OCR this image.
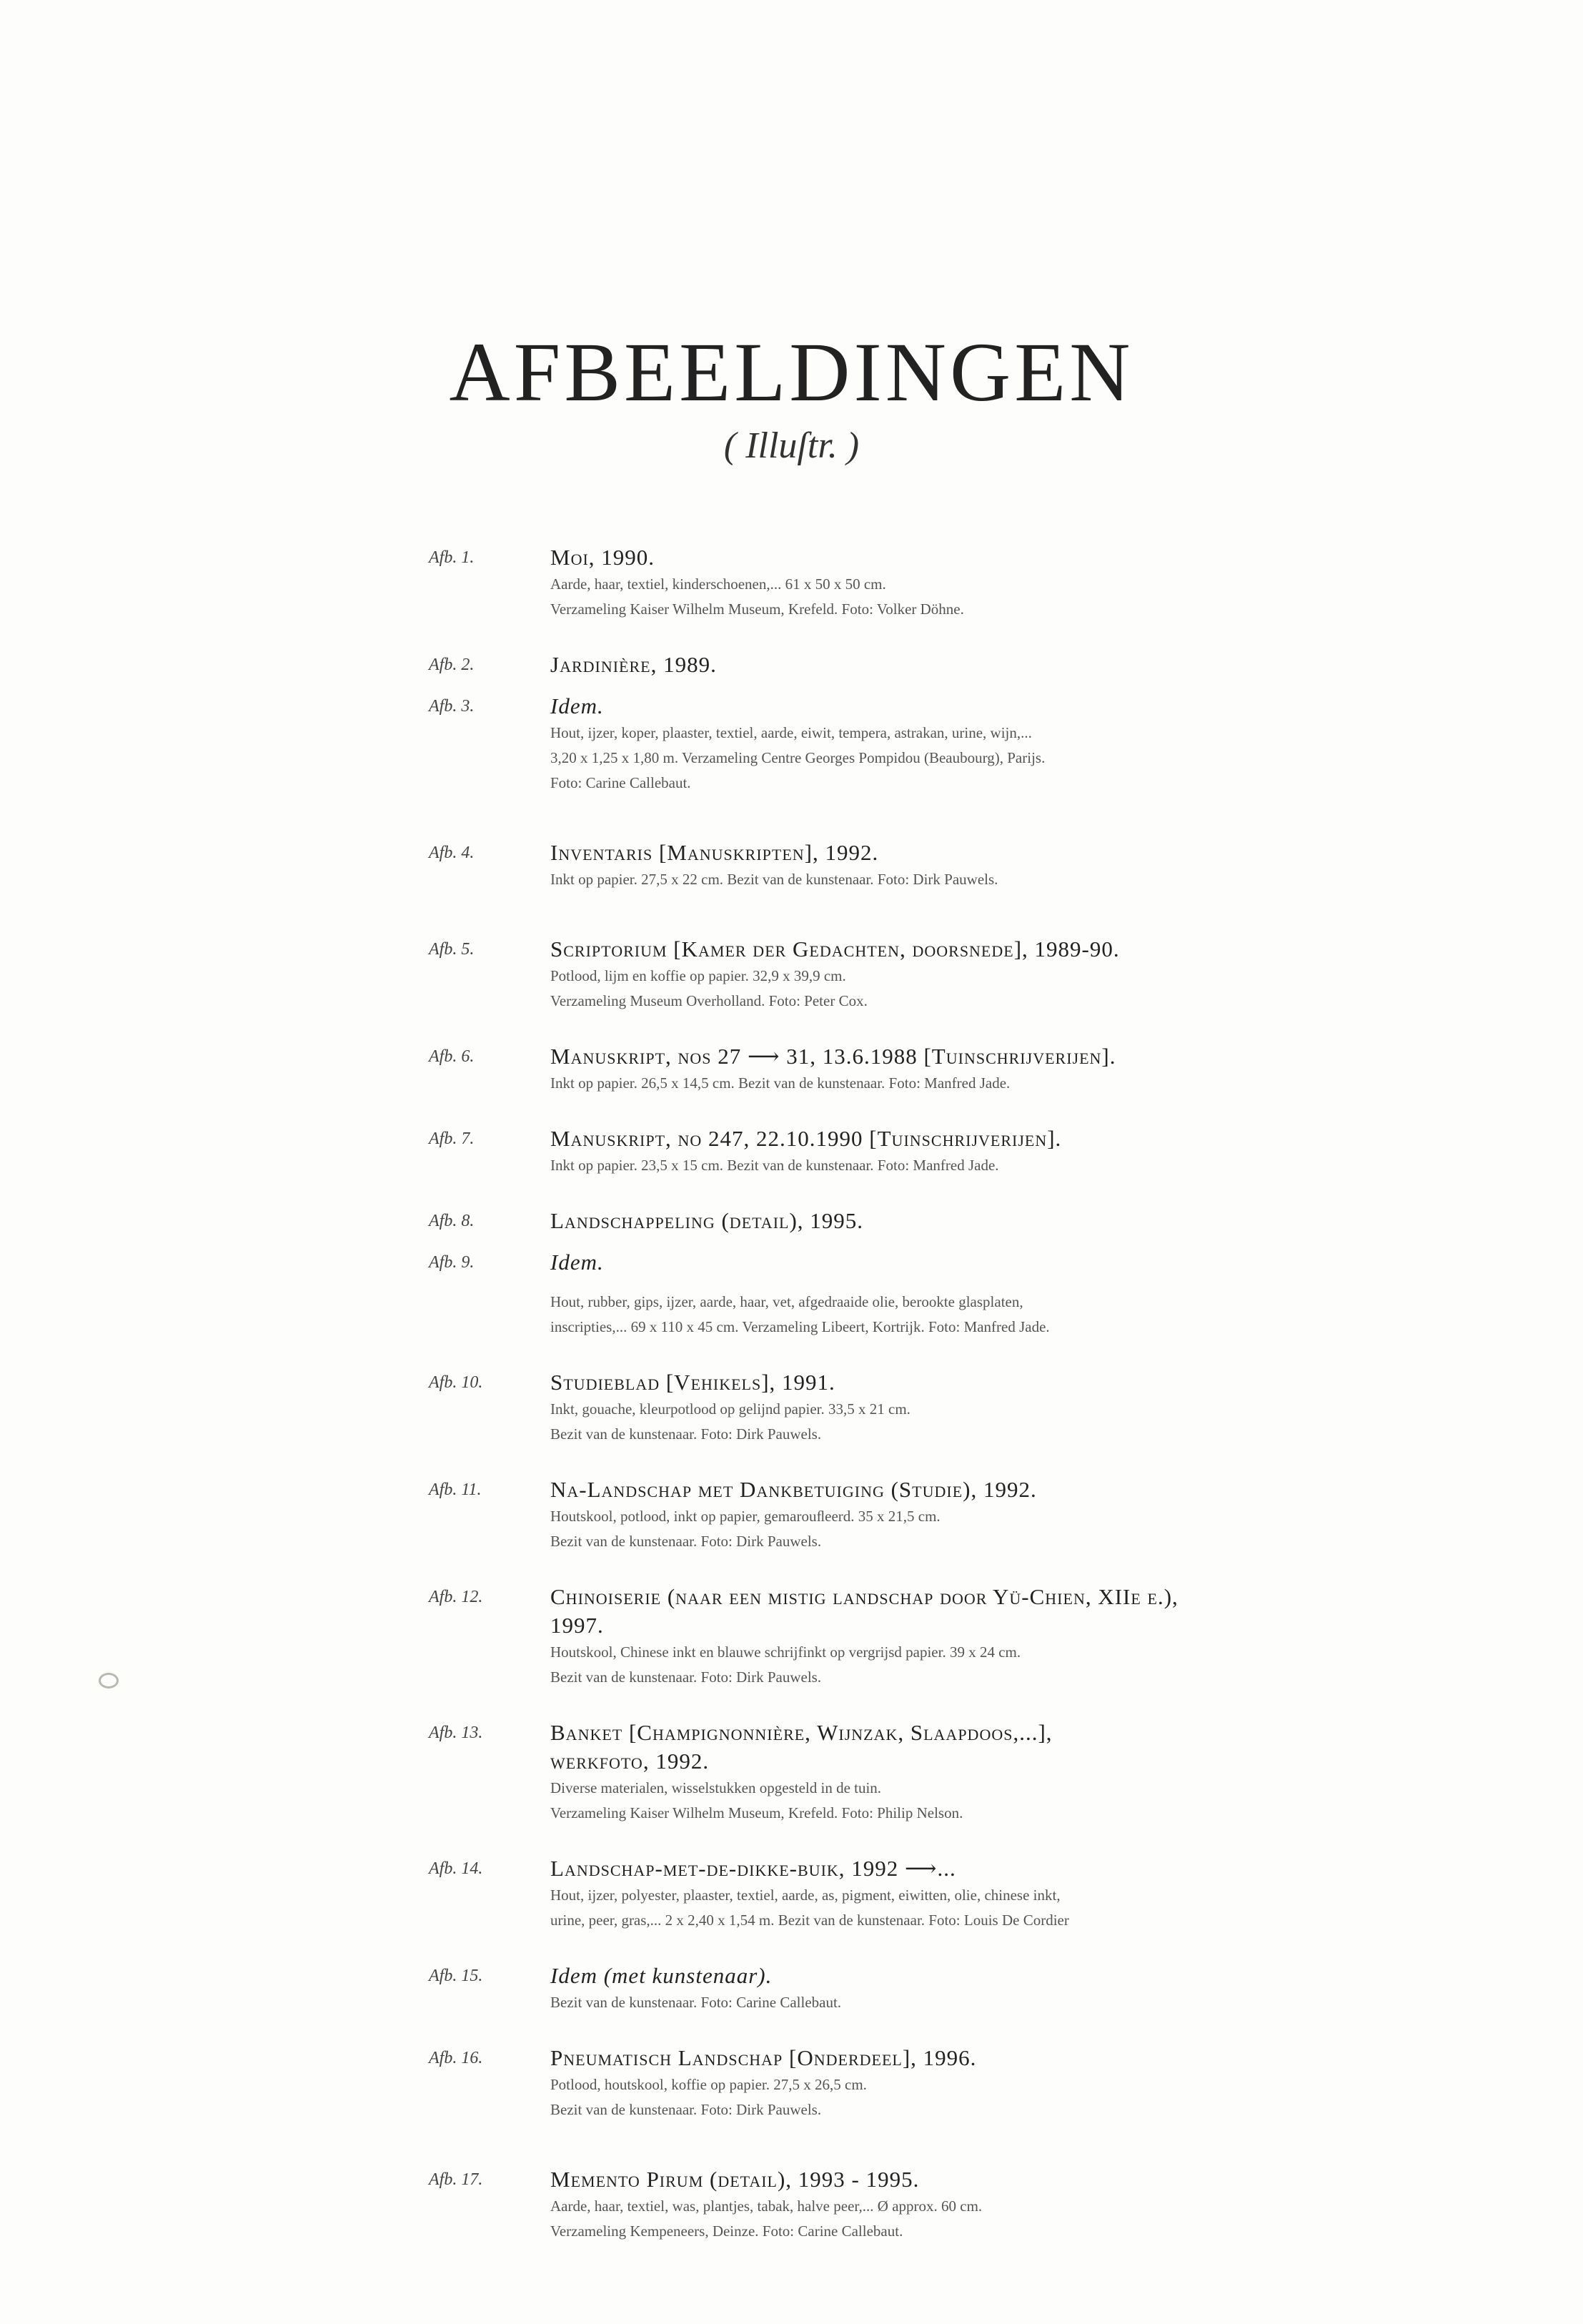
AFBEELDINGEN
( Illuſtr. )
Afb. 1.	Moi, 1990.
Aarde, haar, textiel, kinderschoenen,... 61 x 50 x 50 cm.
Verzameling Kaiser Wilhelm Museum, Krefeld. Foto: Volker Döhne.
Afb. 2.	Jardinière, 1989.
Afb. 3.	Idem.
Hout, ijzer, koper, plaaster, textiel, aarde, eiwit, tempera, astrakan, urine, wijn,...
3,20 x 1,25 x 1,80 m. Verzameling Centre Georges Pompidou (Beaubourg), Parijs.
Foto: Carine Callebaut.
Afb. 4.	Inventaris [Manuskripten], 1992.
Inkt op papier. 27,5 x 22 cm. Bezit van de kunstenaar. Foto: Dirk Pauwels.
Afb. 5.	Scriptorium [Kamer der Gedachten, doorsnede], 1989-90.
Potlood, lijm en koffie op papier. 32,9 x 39,9 cm.
Verzameling Museum Overholland. Foto: Peter Cox.
Afb. 6.	Manuskript, nos 27 ⟶ 31, 13.6.1988 [Tuinschrijverijen].
Inkt op papier. 26,5 x 14,5 cm. Bezit van de kunstenaar. Foto: Manfred Jade.
Afb. 7.	Manuskript, no 247, 22.10.1990 [Tuinschrijverijen].
Inkt op papier. 23,5 x 15 cm. Bezit van de kunstenaar. Foto: Manfred Jade.
Afb. 8.	Landschappeling (detail), 1995.
Afb. 9.	Idem.
Hout, rubber, gips, ijzer, aarde, haar, vet, afgedraaide olie, berookte glasplaten,
inscripties,... 69 x 110 x 45 cm. Verzameling Libeert, Kortrijk. Foto: Manfred Jade.
Afb. 10.	Studieblad [Vehikels], 1991.
Inkt, gouache, kleurpotlood op gelijnd papier. 33,5 x 21 cm.
Bezit van de kunstenaar. Foto: Dirk Pauwels.
Afb. 11.	Na-Landschap met Dankbetuiging (Studie), 1992.
Houtskool, potlood, inkt op papier, gemarouﬂeerd. 35 x 21,5 cm.
Bezit van de kunstenaar. Foto: Dirk Pauwels.
Afb. 12.	Chinoiserie (naar een mistig landschap door Yü-Chien, XIIe e.), 1997.
Houtskool, Chinese inkt en blauwe schrijfinkt op vergrijsd papier. 39 x 24 cm.
Bezit van de kunstenaar. Foto: Dirk Pauwels.
Afb. 13.	Banket [Champignonnière, Wijnzak, Slaapdoos,...],
werkfoto, 1992.
Diverse materialen, wisselstukken opgesteld in de tuin.
Verzameling Kaiser Wilhelm Museum, Krefeld. Foto: Philip Nelson.
Afb. 14.	Landschap-met-de-dikke-buik, 1992 ⟶...
Hout, ijzer, polyester, plaaster, textiel, aarde, as, pigment, eiwitten, olie, chinese inkt,
urine, peer, gras,... 2 x 2,40 x 1,54 m. Bezit van de kunstenaar. Foto: Louis De Cordier
Afb. 15.	Idem (met kunstenaar).
Bezit van de kunstenaar. Foto: Carine Callebaut.
Afb. 16.	Pneumatisch Landschap [Onderdeel], 1996.
Potlood, houtskool, koffie op papier. 27,5 x 26,5 cm.
Bezit van de kunstenaar. Foto: Dirk Pauwels.
Afb. 17.	Memento Pirum (detail), 1993 - 1995.
Aarde, haar, textiel, was, plantjes, tabak, halve peer,... Ø approx. 60 cm.
Verzameling Kempeneers, Deinze. Foto: Carine Callebaut.
